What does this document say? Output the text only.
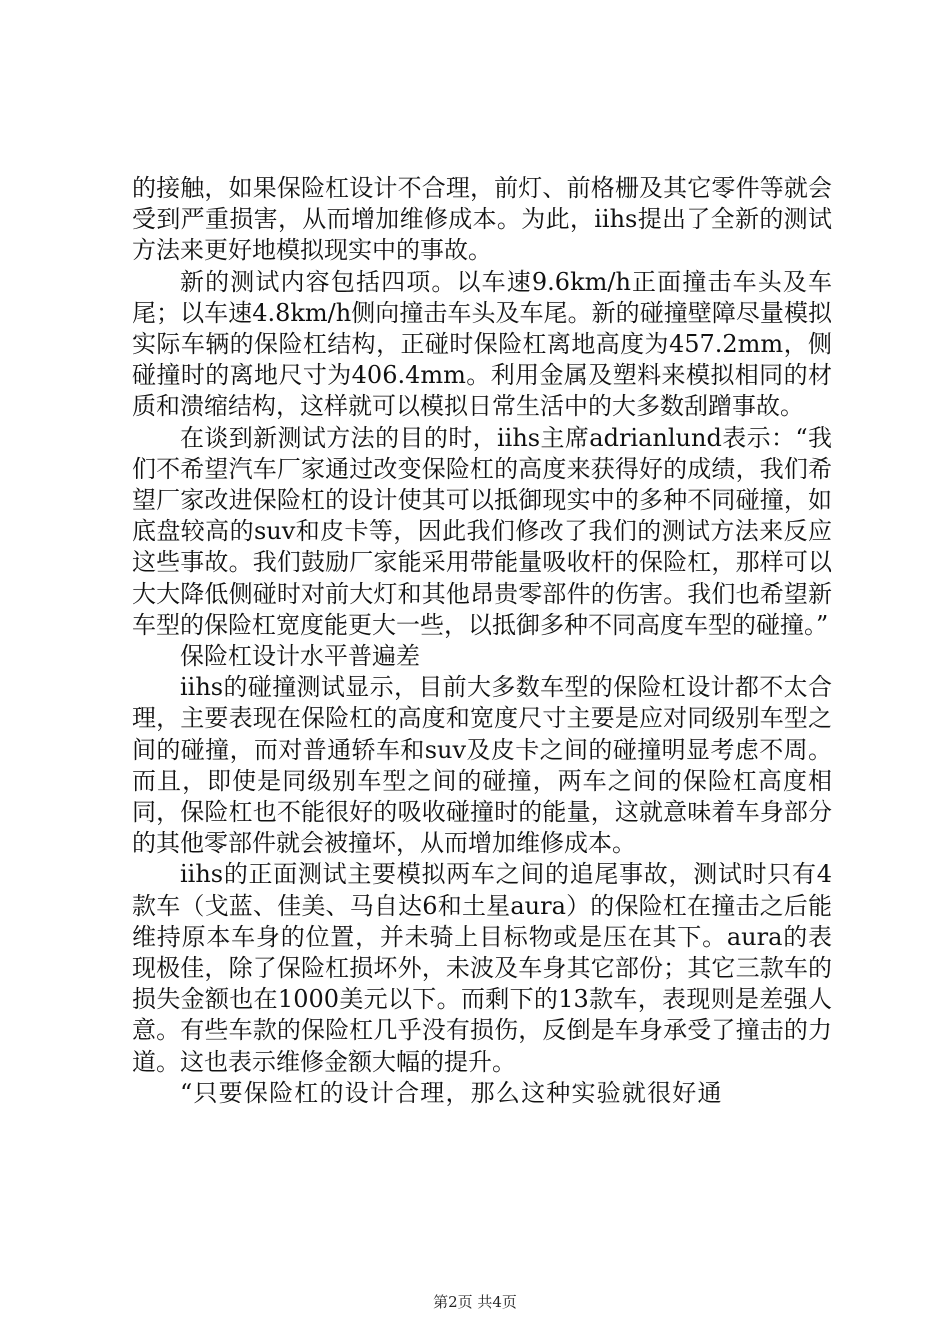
的接触，如果保险杠设计不合理，前灯、前格栅及其它零件等就会受到严重损害，从而增加维修成本。为此，iihs提出了全新的测试方法来更好地模拟现实中的事故。

新的测试内容包括四项。以车速9.6km/h正面撞击车头及车尾；以车速4.8km/h侧向撞击车头及车尾。新的碰撞壁障尽量模拟实际车辆的保险杠结构，正碰时保险杠离地高度为457.2mm，侧碰撞时的离地尺寸为406.4mm。利用金属及塑料来模拟相同的材质和溃缩结构，这样就可以模拟日常生活中的大多数刮蹭事故。

在谈到新测试方法的目的时，iihs主席adrianlund表示：“我们不希望汽车厂家通过改变保险杠的高度来获得好的成绩，我们希望厂家改进保险杠的设计使其可以抵御现实中的多种不同碰撞，如底盘较高的suv和皮卡等，因此我们修改了我们的测试方法来反应这些事故。我们鼓励厂家能采用带能量吸收杆的保险杠，那样可以大大降低侧碰时对前大灯和其他昂贵零部件的伤害。我们也希望新车型的保险杠宽度能更大一些，以抵御多种不同高度车型的碰撞。”

保险杠设计水平普遍差

iihs的碰撞测试显示，目前大多数车型的保险杠设计都不太合理，主要表现在保险杠的高度和宽度尺寸主要是应对同级别车型之间的碰撞，而对普通轿车和suv及皮卡之间的碰撞明显考虑不周。而且，即使是同级别车型之间的碰撞，两车之间的保险杠高度相同，保险杠也不能很好的吸收碰撞时的能量，这就意味着车身部分的其他零部件就会被撞坏，从而增加维修成本。

iihs的正面测试主要模拟两车之间的追尾事故，测试时只有4款车（戈蓝、佳美、马自达6和土星aura）的保险杠在撞击之后能维持原本车身的位置，并未骑上目标物或是压在其下。aura的表现极佳，除了保险杠损坏外，未波及车身其它部份；其它三款车的损失金额也在1000美元以下。而剩下的13款车，表现则是差强人意。有些车款的保险杠几乎没有损伤，反倒是车身承受了撞击的力道。这也表示维修金额大幅的提升。

“只要保险杠的设计合理，那么这种实验就很好通

第2页 共4页
